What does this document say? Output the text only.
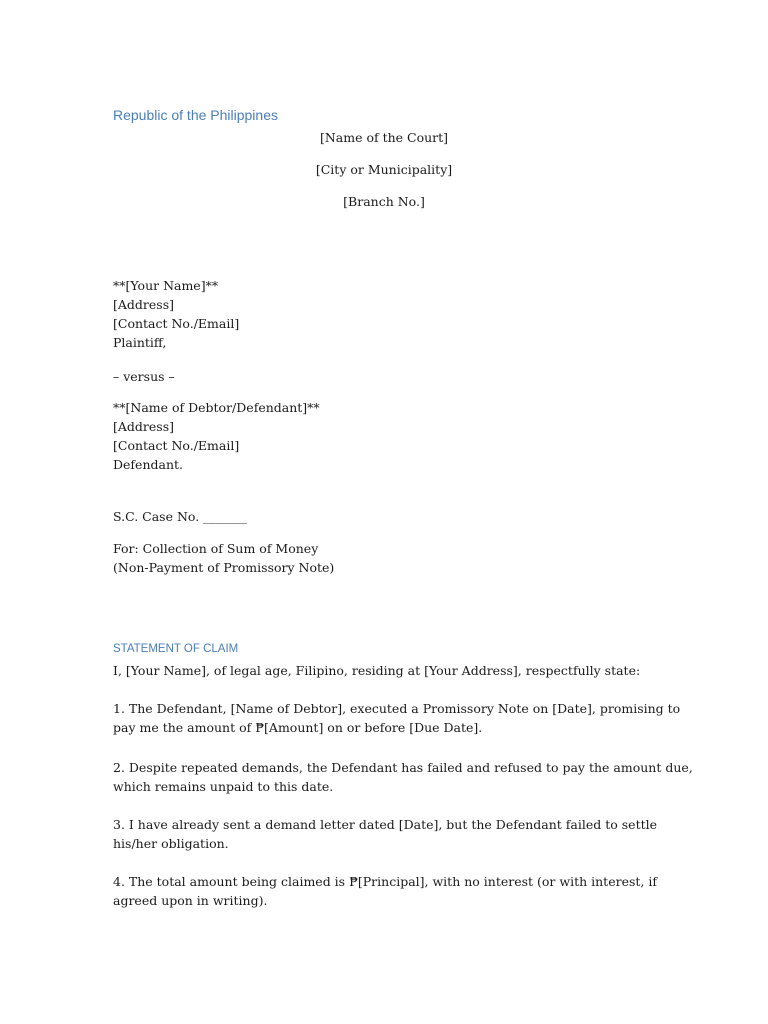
Republic of the Philippines
[Name of the Court]
[City or Municipality]
[Branch No.]
**[Your Name]**
[Address]
[Contact No./Email]
Plaintiff,
– versus –
**[Name of Debtor/Defendant]**
[Address]
[Contact No./Email]
Defendant.
S.C. Case No. _______
For: Collection of Sum of Money
(Non-Payment of Promissory Note)
STATEMENT OF CLAIM
I, [Your Name], of legal age, Filipino, residing at [Your Address], respectfully state:
1. The Defendant, [Name of Debtor], executed a Promissory Note on [Date], promising to
pay me the amount of ₱[Amount] on or before [Due Date].
2. Despite repeated demands, the Defendant has failed and refused to pay the amount due,
which remains unpaid to this date.
3. I have already sent a demand letter dated [Date], but the Defendant failed to settle
his/her obligation.
4. The total amount being claimed is ₱[Principal], with no interest (or with interest, if
agreed upon in writing).
